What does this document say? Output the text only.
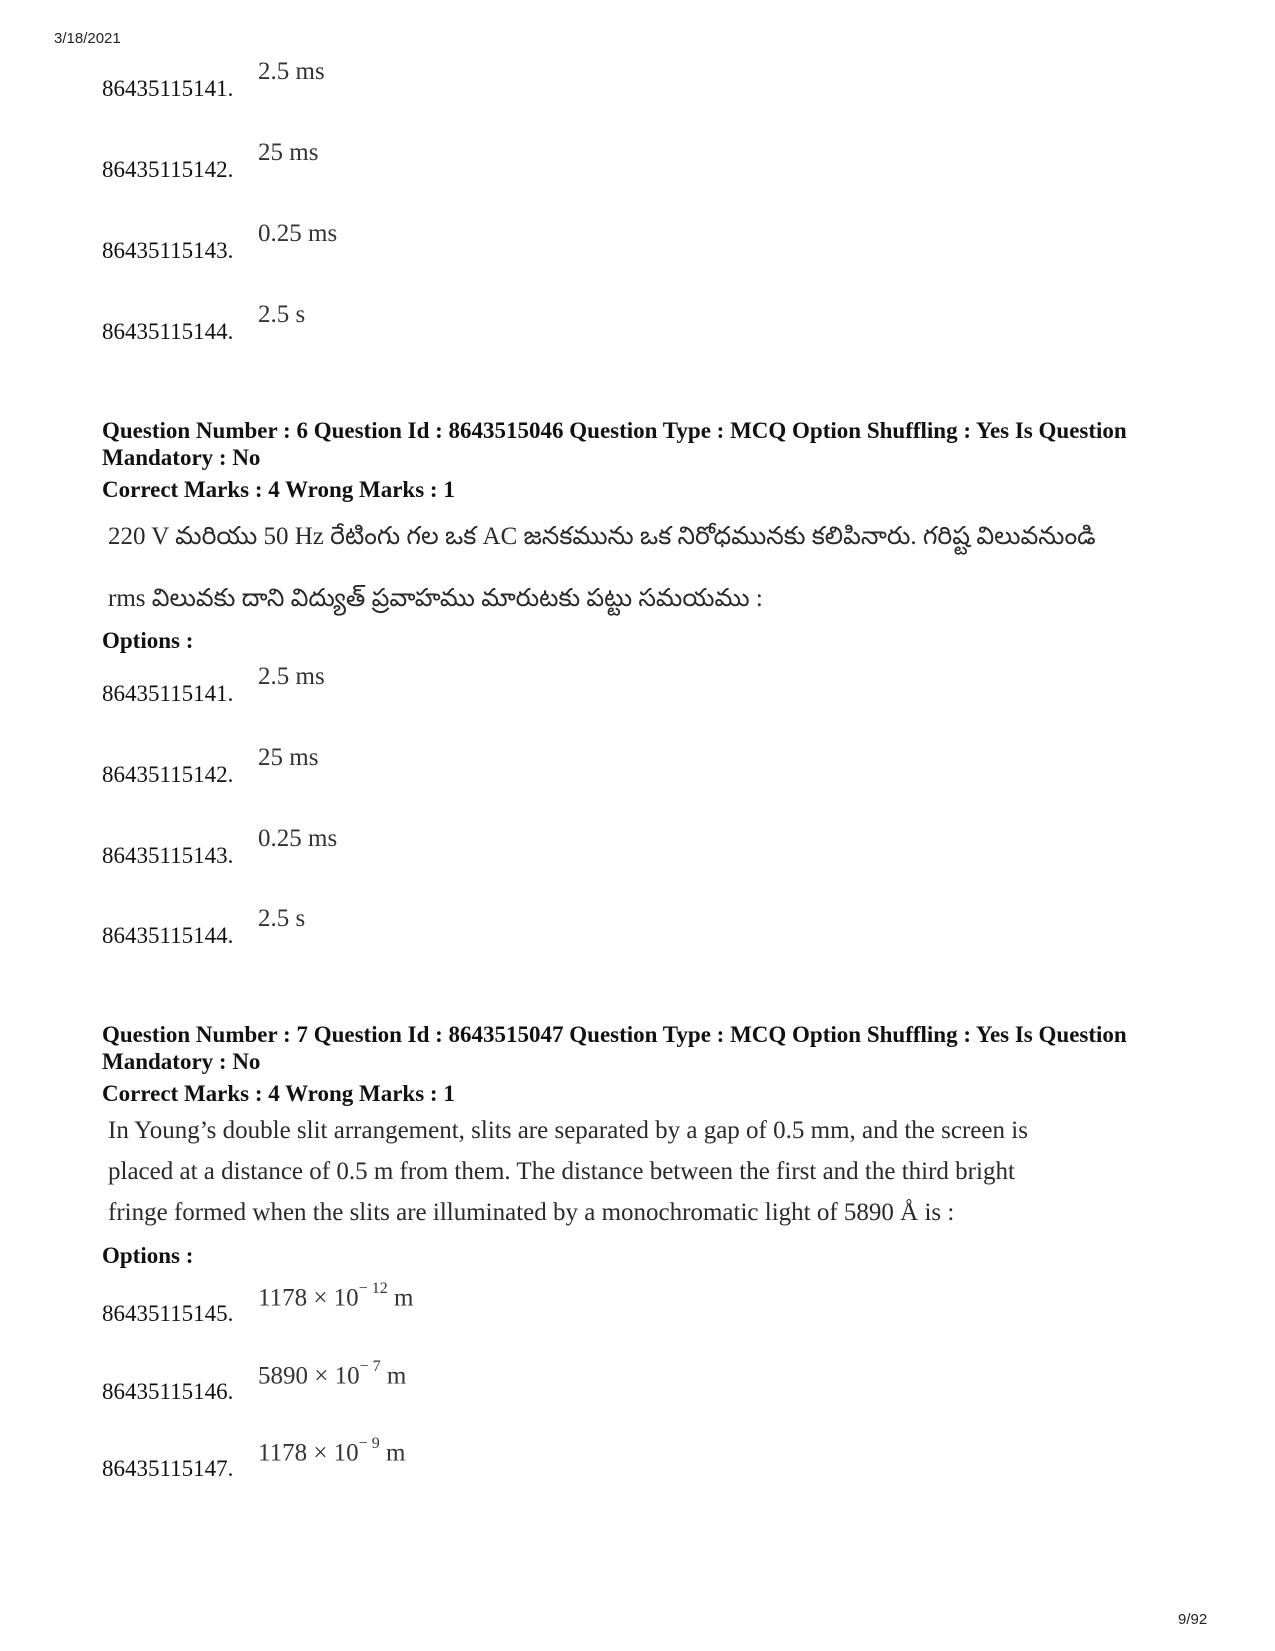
3/18/2021
86435115141.
2.5 ms
86435115142.
25 ms
86435115143.
0.25 ms
86435115144.
2.5 s
Question Number : 6 Question Id : 8643515046 Question Type : MCQ Option Shuffling : Yes Is Question Mandatory : No
Correct Marks : 4 Wrong Marks : 1

220 V మరియు 50 Hz రేటింగు గల ఒక AC జనకమును ఒక నిరోధమునకు కలిపినారు. గరిష్ట విలువనుండి

rms విలువకు దాని విద్యుత్ ప్రవాహము మారుటకు పట్టు సమయము :

Options :
86435115141.
2.5 ms
86435115142.
25 ms
86435115143.
0.25 ms
86435115144.
2.5 s
Question Number : 7 Question Id : 8643515047 Question Type : MCQ Option Shuffling : Yes Is Question Mandatory : No
Correct Marks : 4 Wrong Marks : 1

In Young’s double slit arrangement, slits are separated by a gap of 0.5 mm, and the screen is

placed at a distance of 0.5 m from them. The distance between the first and the third bright

fringe formed when the slits are illuminated by a monochromatic light of 5890 Å is :

Options :
86435115145.
$1178 \times 10^{- 12}$ m
86435115146.
$5890 \times 10^{- 7}$ m
86435115147.
$1178 \times 10^{- 9}$ m
9/92
